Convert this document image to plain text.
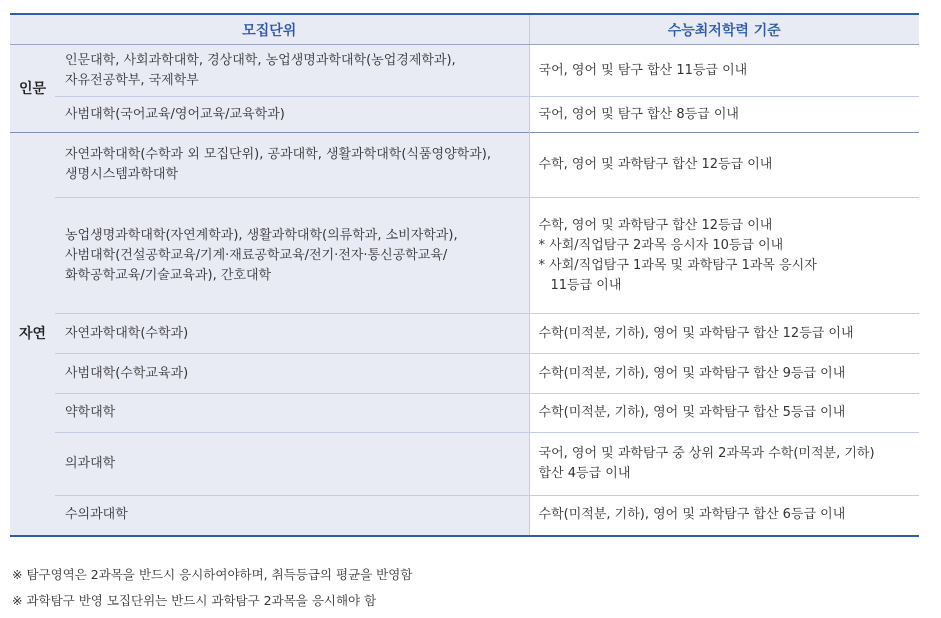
모집단위		수능최저학력 기준
인문	인문대학, 사회과학대학, 경상대학, 농업생명과학대학(농업경제학과),
자유전공학부, 국제학부	국어, 영어 및 탐구 합산 11등급 이내

	사범대학(국어교육/영어교육/교육학과)	국어, 영어 및 탐구 합산 8등급 이내

자연	자연과학대학(수학과 외 모집단위), 공과대학, 생활과학대학(식품영양학과),
생명시스템과학대학	수학, 영어 및 과학탐구 합산 12등급 이내

	농업생명과학대학(자연계학과), 생활과학대학(의류학과, 소비자학과),
사범대학(건설공학교육/기계·재료공학교육/전기·전자·통신공학교육/
화학공학교육/기술교육과), 간호대학	수학, 영어 및 과학탐구 합산 12등급 이내
* 사회/직업탐구 2과목 응시자 10등급 이내
* 사회/직업탐구 1과목 및 과학탐구 1과목 응시자
11등급 이내

	자연과학대학(수학과)	수학(미적분, 기하), 영어 및 과학탐구 합산 12등급 이내

	사범대학(수학교육과)	수학(미적분, 기하), 영어 및 과학탐구 합산 9등급 이내

	약학대학	수학(미적분, 기하), 영어 및 과학탐구 합산 5등급 이내

	의과대학	국어, 영어 및 과학탐구 중 상위 2과목과 수학(미적분, 기하)
합산 4등급 이내

	수의과대학	수학(미적분, 기하), 영어 및 과학탐구 합산 6등급 이내
※ 탐구영역은 2과목을 반드시 응시하여야하며, 취득등급의 평균을 반영함
※ 과학탐구 반영 모집단위는 반드시 과학탐구 2과목을 응시해야 함
